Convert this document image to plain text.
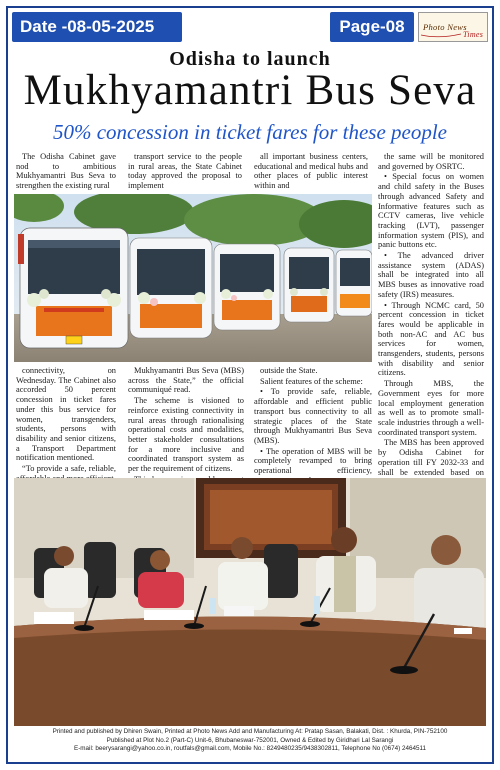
Date -08-05-2025	Page-08	Photo News
Times
Odisha to launch
Mukhyamantri Bus Seva
50% concession in ticket fares for these people

The Odisha Cabinet gave nod to ambitious Mukhyamantri Bus Seva to strengthen the existing rural

transport service to the people in rural areas, the State Cabinet today approved the proposal to implement

all important business centers, educational and medical hubs and other places of public interest within and

connectivity, on Wednesday. The Cabinet also accorded 50 percent concession in ticket fares under this bus service for women, transgenders, students, persons with disability and senior citizens, a Transport Department notification mentioned.

“To provide a safe, reliable,

Mukhyamantri Bus Seva (MBS) across the State,” the official communiqué read.

The scheme is visioned to reinforce existing connectivity in rural areas through rationalising operational costs and modalities, better stakeholder consultations for a more inclusive and coordinated transport system as per the requirement of citizens.

outside the State.

Salient features of the scheme:

• To provide safe, reliable, affordable and efficient public transport bus connectivity to all strategic places of the State through Mukhyamantri Bus Seva (MBS).

• The operation of MBS will be completely revamped to bring operational efficiency,

the same will be monitored and governed by OSRTC.

• Special focus on women and child safety in the Buses through advanced Safety and Informative features such as CCTV cameras, live vehicle tracking (LVT), passenger information system (PIS), and panic buttons etc.

• The advanced driver assistance system (ADAS) shall be integrated into all MBS buses as innovative road safety (IRS) measures.

• Through NCMC card, 50 percent concession in ticket fares would be applicable in both non-AC and AC bus services for women, transgenders, students, persons with disability and senior citizens.

Through MBS, the Government eyes for more local employment generation as well as to promote small-scale industries through a well-coordinated transport system.

The MBS has been approved by Odisha Cabinet for operation till FY 2032-33 and shall be extended based on

Printed and published by Dhiren Swain, Printed at Photo News Add and Manufacturing At: Pratap Sasan, Balakati, Dist. : Khurda, PIN-752100
Published at Plot No.2 (Part-C) Unit-6, Bhubaneswar-752001, Owned & Edited by Giridhari Lal Sarangi
E-mail: beerysarangi@yahoo.co.in, routfals@gmail.com, Mobile No.: 8249480235/9438302811, Telephone No (0674) 2464511
